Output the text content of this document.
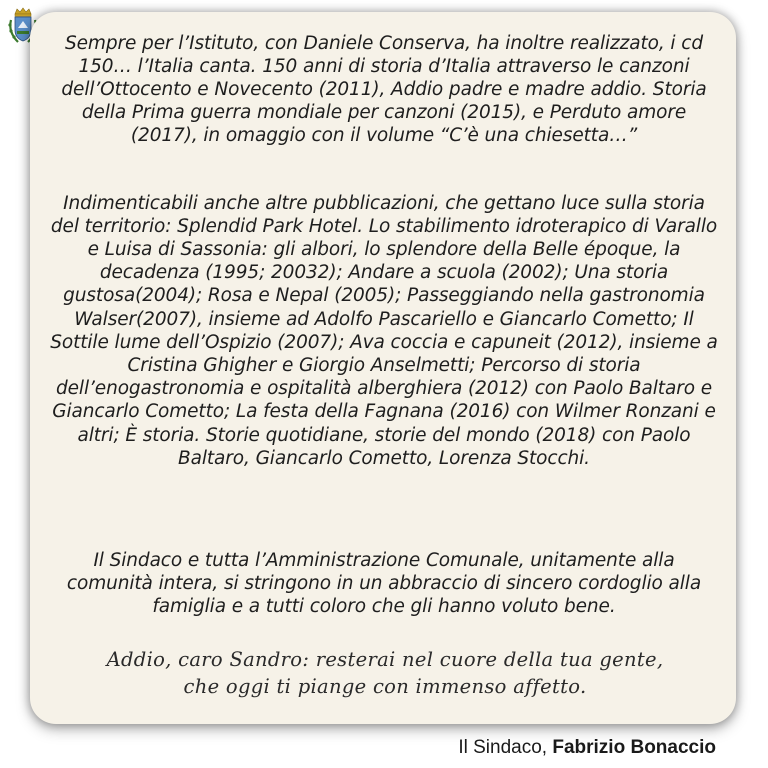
Sempre per l’Istituto, con Daniele Conserva, ha inoltre realizzato, i cd 150… l’Italia canta. 150 anni di storia d’Italia attraverso le canzoni dell’Ottocento e Novecento (2011), Addio padre e madre addio. Storia della Prima guerra mondiale per canzoni (2015), e Perduto amore (2017), in omaggio con il volume “C’è una chiesetta…”

Indimenticabili anche altre pubblicazioni, che gettano luce sulla storia del territorio: Splendid Park Hotel. Lo stabilimento idroterapico di Varallo e Luisa di Sassonia: gli albori, lo splendore della Belle époque, la decadenza (1995; 20032); Andare a scuola (2002); Una storia gustosa(2004); Rosa e Nepal (2005); Passeggiando nella gastronomia Walser(2007), insieme ad Adolfo Pascariello e Giancarlo Cometto; Il Sottile lume dell’Ospizio (2007); Ava coccia e capuneit (2012), insieme a Cristina Ghigher e Giorgio Anselmetti; Percorso di storia dell’enogastronomia e ospitalità alberghiera (2012) con Paolo Baltaro e Giancarlo Cometto; La festa della Fagnana (2016) con Wilmer Ronzani e altri; È storia. Storie quotidiane, storie del mondo (2018) con Paolo Baltaro, Giancarlo Cometto, Lorenza Stocchi.

Il Sindaco e tutta l’Amministrazione Comunale, unitamente alla comunità intera, si stringono in un abbraccio di sincero cordoglio alla famiglia e a tutti coloro che gli hanno voluto bene.

Addio, caro Sandro: resterai nel cuore della tua gente,
che oggi ti piange con immenso affetto.
Il Sindaco, Fabrizio Bonaccio
